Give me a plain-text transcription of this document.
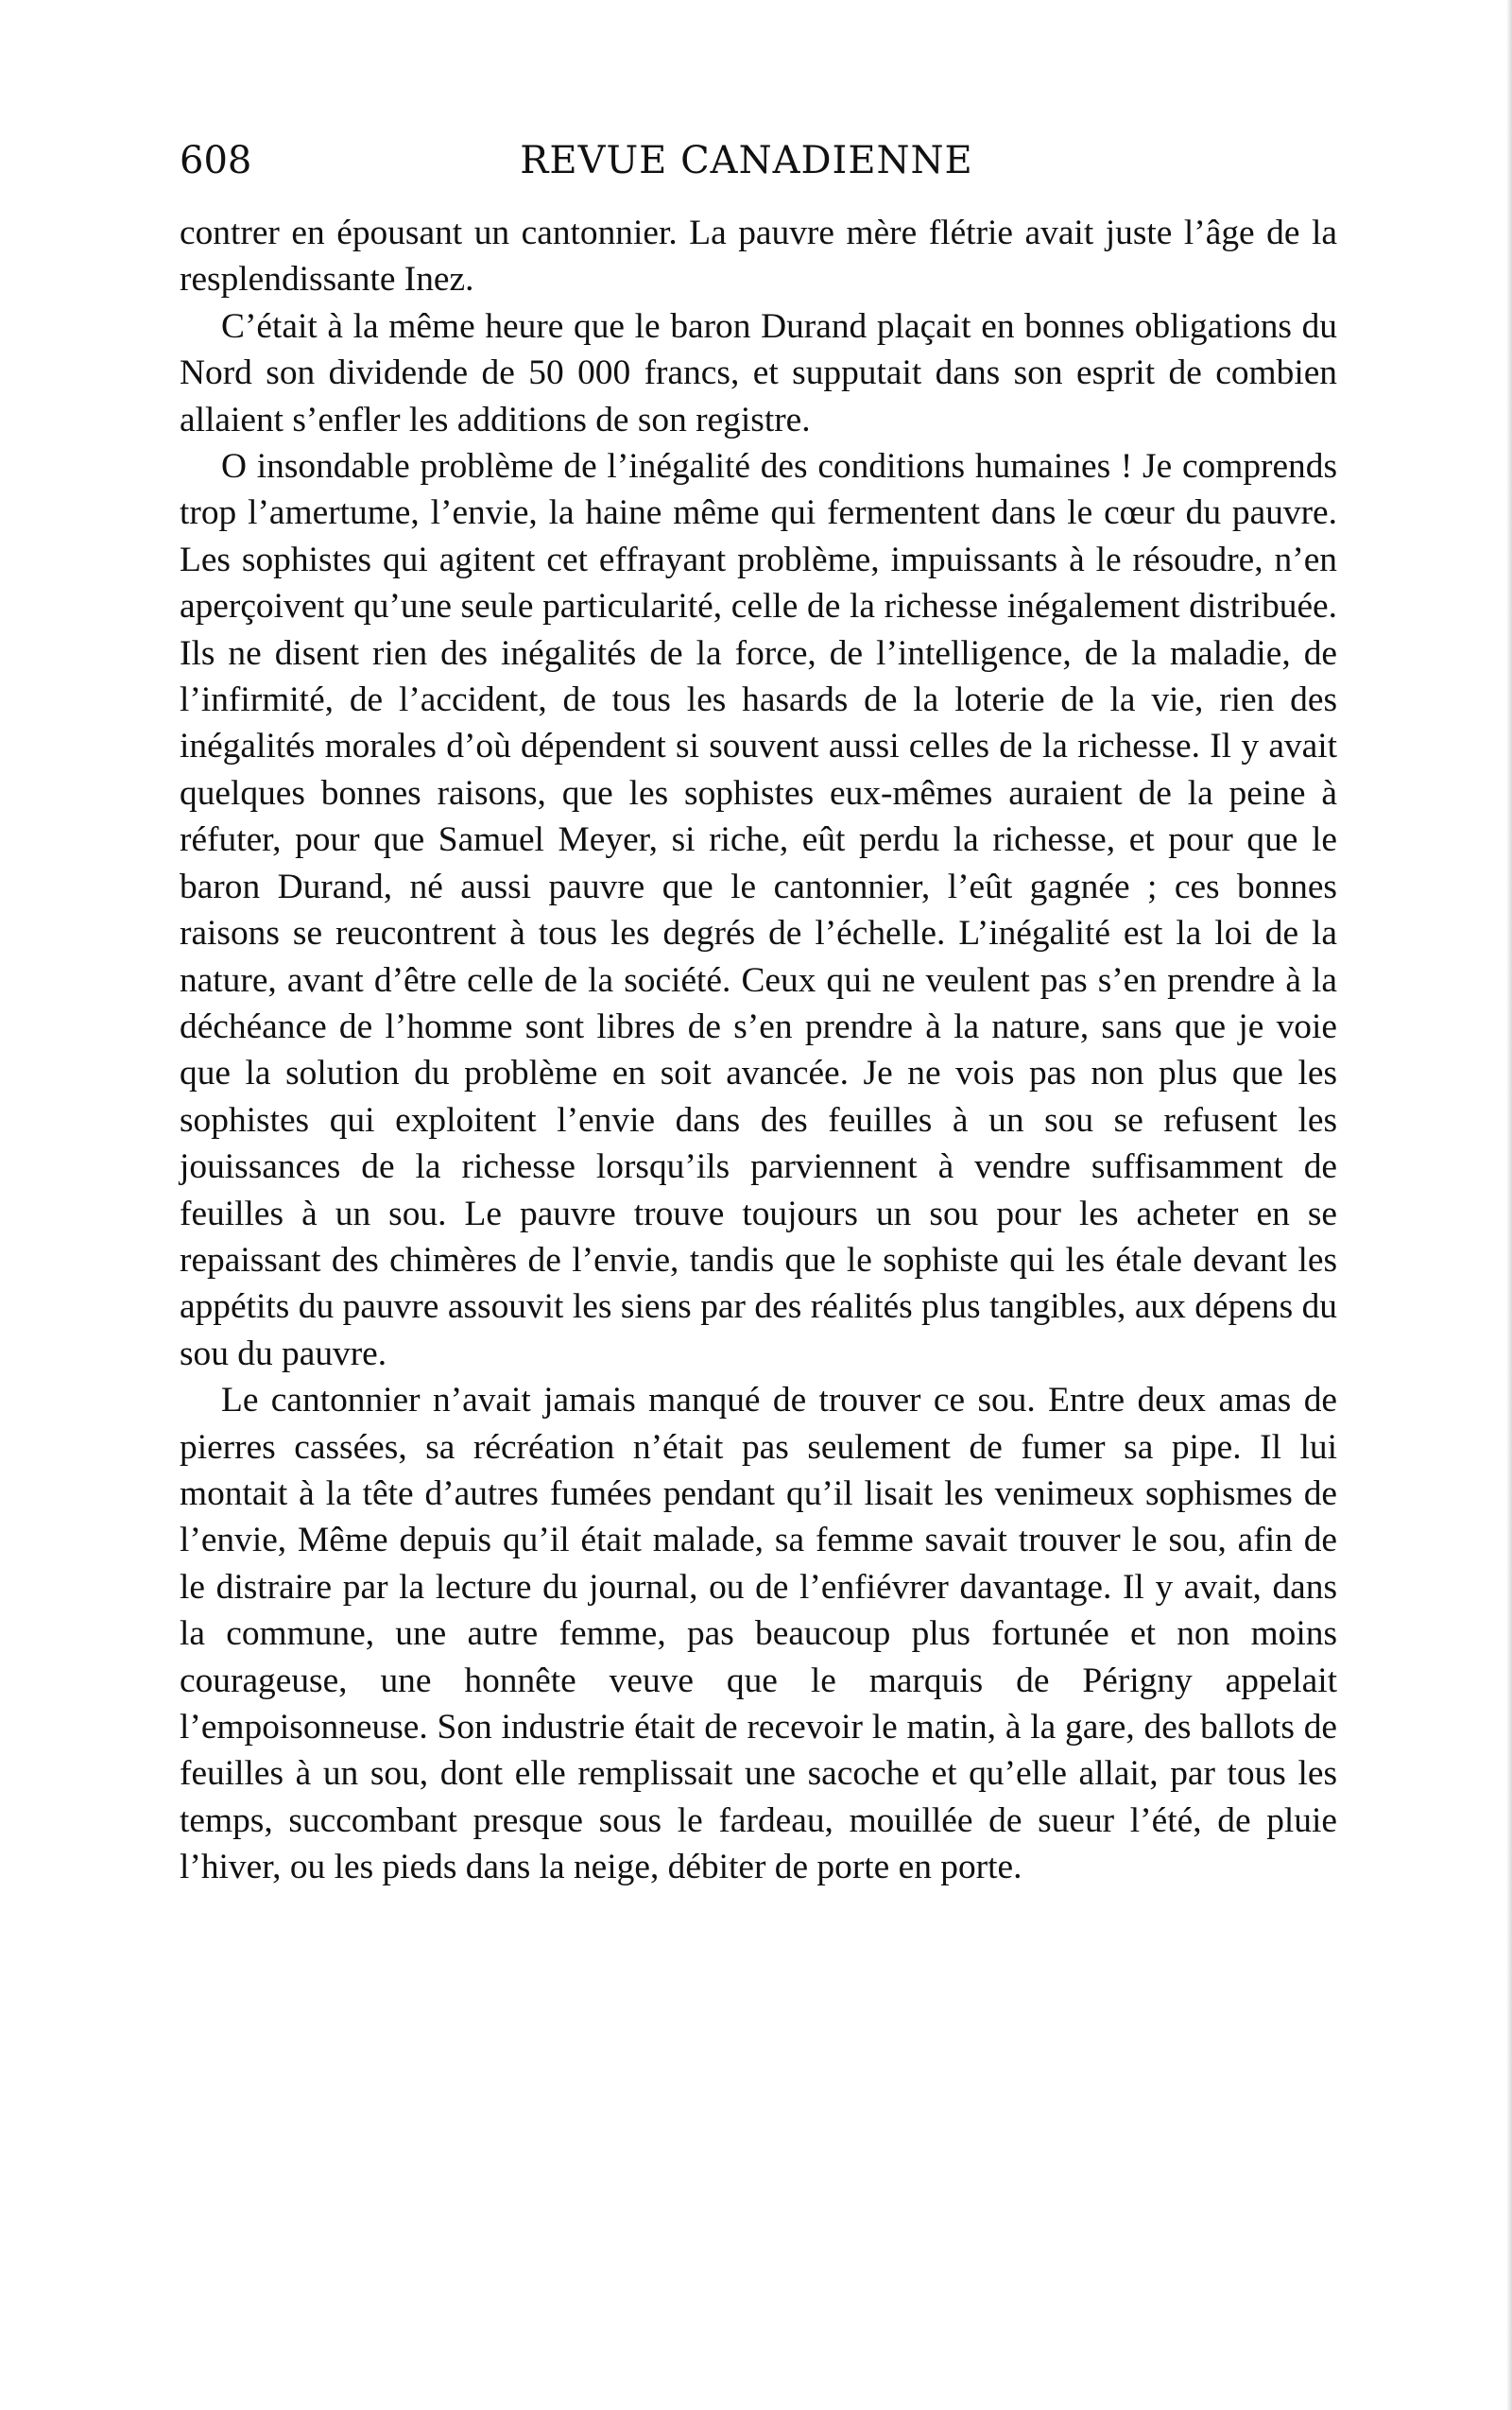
608	REVUE CANADIENNE

contrer en épousant un cantonnier. La pauvre mère flétrie avait juste l’âge de la resplendissante Inez.

C’était à la même heure que le baron Durand plaçait en bonnes obligations du Nord son dividende de 50 000 francs, et supputait dans son esprit de combien allaient s’enfler les additions de son registre.

O insondable problème de l’inégalité des conditions humaines ! Je comprends trop l’amertume, l’envie, la haine même qui fermentent dans le cœur du pauvre. Les sophistes qui agitent cet effrayant problème, impuissants à le résoudre, n’en aperçoivent qu’une seule particularité, celle de la richesse inégalement distribuée. Ils ne disent rien des inégalités de la force, de l’intelligence, de la maladie, de l’infirmité, de l’accident, de tous les hasards de la loterie de la vie, rien des inégalités morales d’où dépendent si souvent aussi celles de la richesse. Il y avait quelques bonnes raisons, que les sophistes eux-mêmes auraient de la peine à réfuter, pour que Samuel Meyer, si riche, eût perdu la richesse, et pour que le baron Durand, né aussi pauvre que le cantonnier, l’eût gagnée ; ces bonnes raisons se reucontrent à tous les degrés de l’échelle. L’inégalité est la loi de la nature, avant d’être celle de la société. Ceux qui ne veulent pas s’en prendre à la déchéance de l’homme sont libres de s’en prendre à la nature, sans que je voie que la solution du problème en soit avancée. Je ne vois pas non plus que les sophistes qui exploitent l’envie dans des feuilles à un sou se refusent les jouissances de la richesse lorsqu’ils parviennent à vendre suffisamment de feuilles à un sou. Le pauvre trouve toujours un sou pour les acheter en se repaissant des chimères de l’envie, tandis que le sophiste qui les étale devant les appétits du pauvre assouvit les siens par des réalités plus tangibles, aux dépens du sou du pauvre.

Le cantonnier n’avait jamais manqué de trouver ce sou. Entre deux amas de pierres cassées, sa récréation n’était pas seulement de fumer sa pipe. Il lui montait à la tête d’autres fumées pendant qu’il lisait les venimeux sophismes de l’envie, Même depuis qu’il était malade, sa femme savait trouver le sou, afin de le distraire par la lecture du journal, ou de l’enfiévrer davantage. Il y avait, dans la commune, une autre femme, pas beaucoup plus fortunée et non moins courageuse, une honnête veuve que le marquis de Périgny appelait l’empoisonneuse. Son industrie était de recevoir le matin, à la gare, des ballots de feuilles à un sou, dont elle remplissait une sacoche et qu’elle allait, par tous les temps, succombant presque sous le fardeau, mouillée de sueur l’été, de pluie l’hiver, ou les pieds dans la neige, débiter de porte en porte.
